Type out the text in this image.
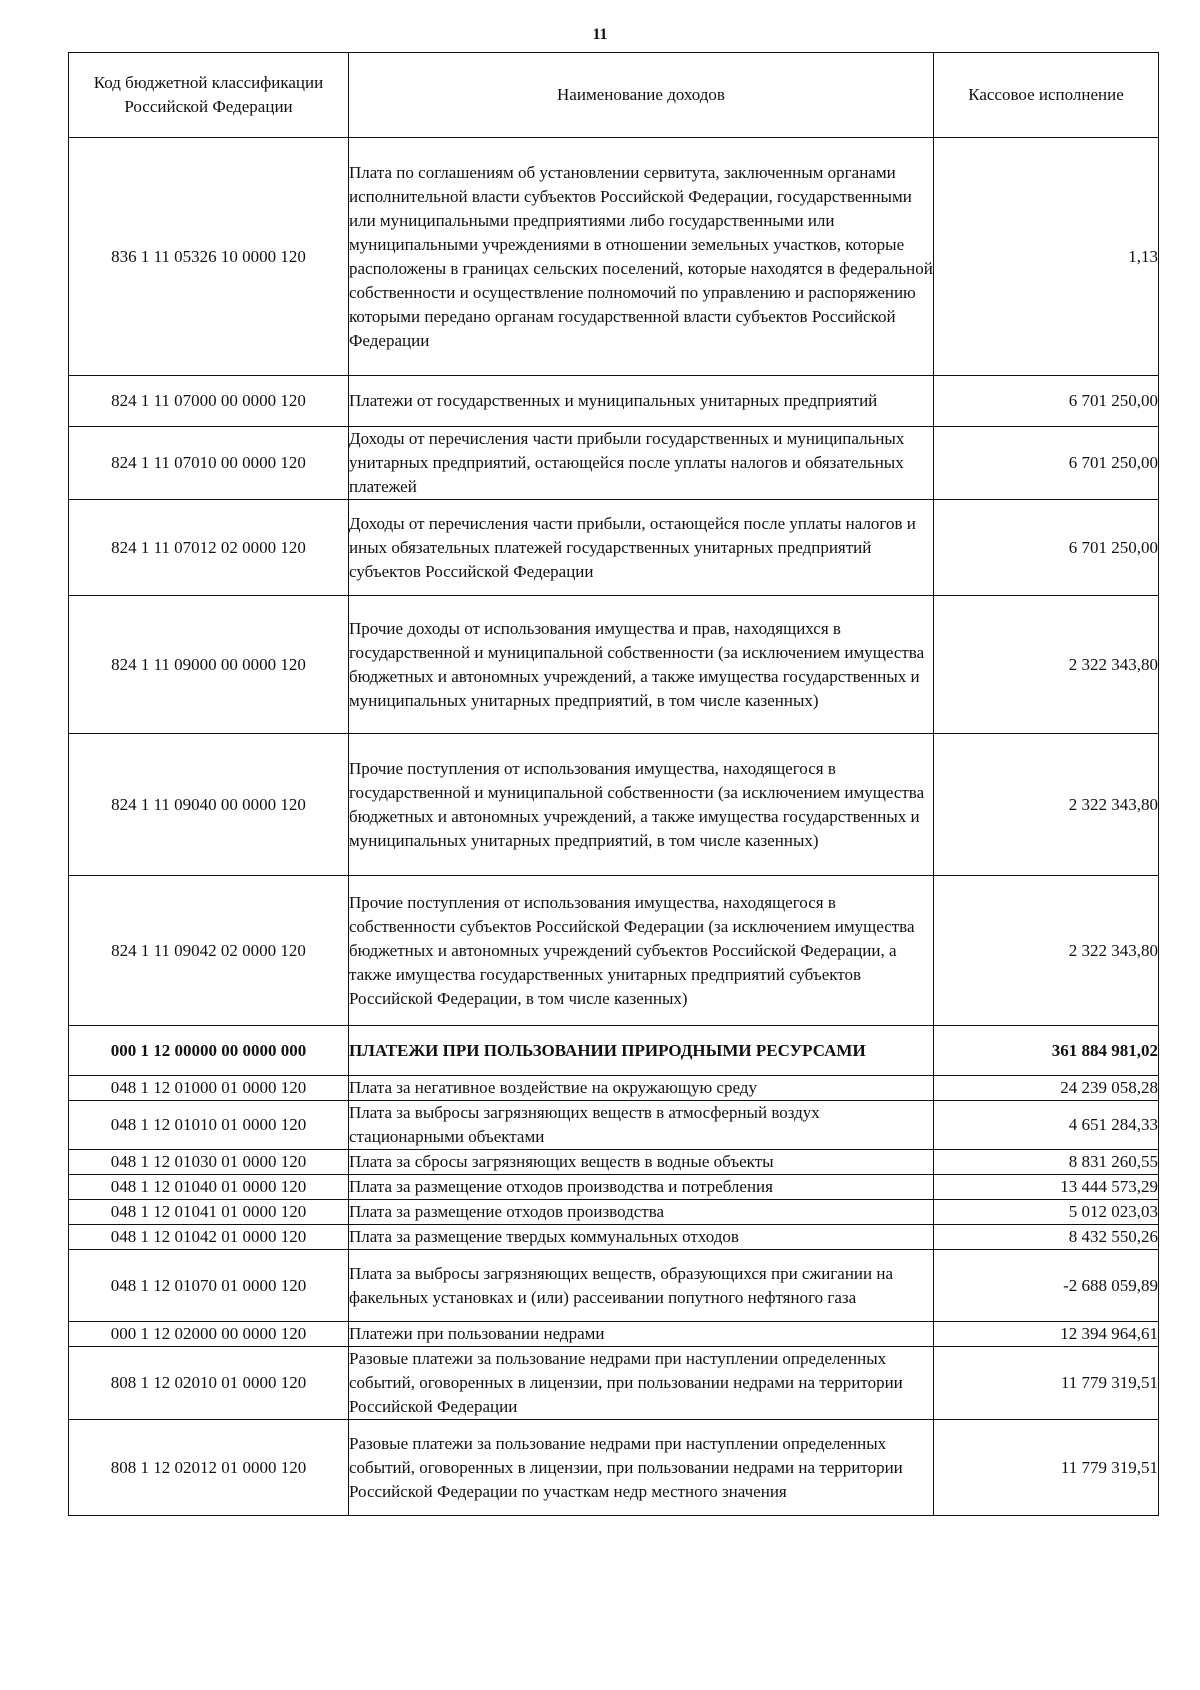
11
Код бюджетной классификации Российской Федерации	Наименование доходов	Кассовое исполнение
836 1 11 05326 10 0000 120	Плата по соглашениям об установлении сервитута, заключенным органами исполнительной власти субъектов Российской Федерации, государственными или муниципальными предприятиями либо государственными или муниципальными учреждениями в отношении земельных участков, которые расположены в границах сельских поселений, которые находятся в федеральной собственности и осуществление полномочий по управлению и распоряжению которыми передано органам государственной власти субъектов Российской Федерации	1,13
824 1 11 07000 00 0000 120	Платежи от государственных и муниципальных унитарных предприятий	6 701 250,00
824 1 11 07010 00 0000 120	Доходы от перечисления части прибыли государственных и муниципальных унитарных предприятий, остающейся после уплаты налогов и обязательных платежей	6 701 250,00
824 1 11 07012 02 0000 120	Доходы от перечисления части прибыли, остающейся после уплаты налогов и иных обязательных платежей государственных унитарных предприятий субъектов Российской Федерации	6 701 250,00
824 1 11 09000 00 0000 120	Прочие доходы от использования имущества и прав, находящихся в государственной и муниципальной собственности (за исключением имущества бюджетных и автономных учреждений, а также имущества государственных и муниципальных унитарных предприятий, в том числе казенных)	2 322 343,80
824 1 11 09040 00 0000 120	Прочие поступления от использования имущества, находящегося в государственной и муниципальной собственности (за исключением имущества бюджетных и автономных учреждений, а также имущества государственных и муниципальных унитарных предприятий, в том числе казенных)	2 322 343,80
824 1 11 09042 02 0000 120	Прочие поступления от использования имущества, находящегося в собственности субъектов Российской Федерации (за исключением имущества бюджетных и автономных учреждений субъектов Российской Федерации, а также имущества государственных унитарных предприятий субъектов Российской Федерации, в том числе казенных)	2 322 343,80
000 1 12 00000 00 0000 000	ПЛАТЕЖИ ПРИ ПОЛЬЗОВАНИИ ПРИРОДНЫМИ РЕСУРСАМИ	361 884 981,02
048 1 12 01000 01 0000 120	Плата за негативное воздействие на окружающую среду	24 239 058,28
048 1 12 01010 01 0000 120	Плата за выбросы загрязняющих веществ в атмосферный воздух стационарными объектами	4 651 284,33
048 1 12 01030 01 0000 120	Плата за сбросы загрязняющих веществ в водные объекты	8 831 260,55
048 1 12 01040 01 0000 120	Плата за размещение отходов производства и потребления	13 444 573,29
048 1 12 01041 01 0000 120	Плата за размещение отходов производства	5 012 023,03
048 1 12 01042 01 0000 120	Плата за размещение твердых коммунальных отходов	8 432 550,26
048 1 12 01070 01 0000 120	Плата за выбросы загрязняющих веществ, образующихся при сжигании на факельных установках и (или) рассеивании попутного нефтяного газа	-2 688 059,89
000 1 12 02000 00 0000 120	Платежи при пользовании недрами	12 394 964,61
808 1 12 02010 01 0000 120	Разовые платежи за пользование недрами при наступлении определенных событий, оговоренных в лицензии, при пользовании недрами на территории Российской Федерации	11 779 319,51
808 1 12 02012 01 0000 120	Разовые платежи за пользование недрами при наступлении определенных событий, оговоренных в лицензии, при пользовании недрами на территории Российской Федерации по участкам недр местного значения	11 779 319,51
